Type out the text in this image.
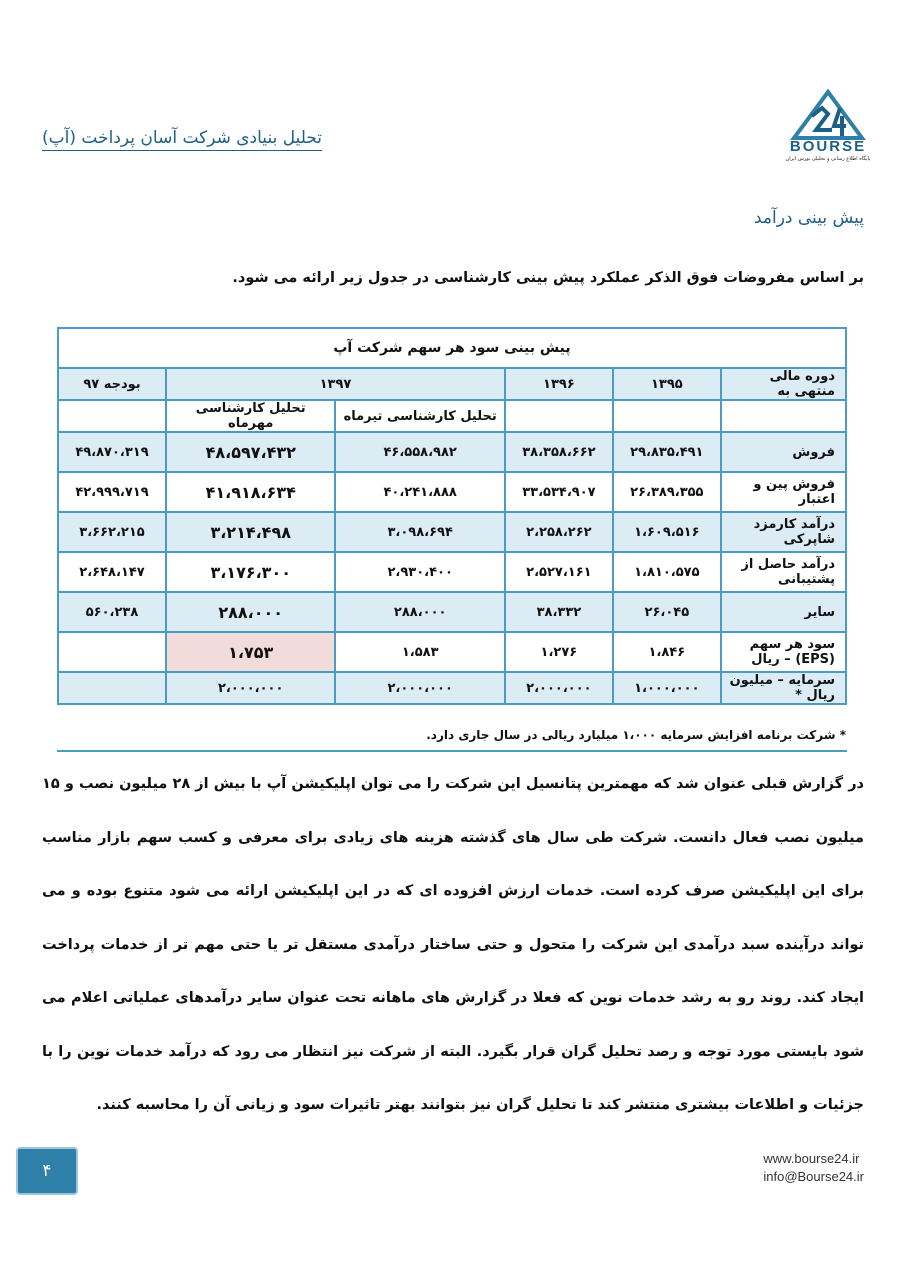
تحلیل بنیادی شرکت آسان پرداخت (آپ)	BOURSE
پایگاه اطلاع رسانی و تحلیلی بورس ایران
پیش بینی درآمد
بر اساس مفروضات فوق الذکر عملکرد پیش بینی کارشناسی در جدول زیر ارائه می شود.
پیش بینی سود هر سهم شرکت آپ					
دوره مالی منتهی به	۱۳۹۵	۱۳۹۶	۱۳۹۷		بودجه ۹۷
			تحلیل کارشناسی تیرماه	تحلیل کارشناسی مهرماه	
فروش	۲۹،۸۳۵،۴۹۱	۳۸،۳۵۸،۶۶۲	۴۶،۵۵۸،۹۸۲	۴۸،۵۹۷،۴۳۲	۴۹،۸۷۰،۳۱۹
فروش پین و اعتبار	۲۶،۳۸۹،۳۵۵	۳۳،۵۳۴،۹۰۷	۴۰،۲۴۱،۸۸۸	۴۱،۹۱۸،۶۳۴	۴۲،۹۹۹،۷۱۹
درآمد کارمزد شاپرکی	۱،۶۰۹،۵۱۶	۲،۲۵۸،۲۶۲	۳،۰۹۸،۶۹۴	۳،۲۱۴،۴۹۸	۳،۶۶۲،۲۱۵
درآمد حاصل از پشتیبانی	۱،۸۱۰،۵۷۵	۲،۵۲۷،۱۶۱	۲،۹۳۰،۴۰۰	۳،۱۷۶،۳۰۰	۲،۶۴۸،۱۴۷
سایر	۲۶،۰۴۵	۳۸،۳۳۲	۲۸۸،۰۰۰	۲۸۸،۰۰۰	۵۶۰،۲۳۸
سود هر سهم (EPS) – ریال	۱،۸۴۶	۱،۲۷۶	۱،۵۸۳	۱،۷۵۳	
سرمایه – میلیون ریال *	۱،۰۰۰،۰۰۰	۲،۰۰۰،۰۰۰	۲،۰۰۰،۰۰۰	۲،۰۰۰،۰۰۰	
* شرکت برنامه افزایش سرمایه ۱،۰۰۰ میلیارد ریالی در سال جاری دارد.
در گزارش قبلی عنوان شد که مهمترین پتانسیل این شرکت را می توان اپلیکیشن آپ با بیش از ۲۸ میلیون نصب و ۱۵ میلیون نصب فعال دانست. شرکت طی سال های گذشته هزینه های زیادی برای معرفی و کسب سهم بازار مناسب برای این اپلیکیشن صرف کرده است. خدمات ارزش افزوده ای که در این اپلیکیشن ارائه می شود متنوع بوده و می تواند درآینده سبد درآمدی این شرکت را متحول و حتی ساختار درآمدی مستقل تر یا حتی مهم تر از خدمات پرداخت ایجاد کند. روند رو به رشد خدمات نوین که فعلا در گزارش های ماهانه تحت عنوان سایر درآمدهای عملیاتی اعلام می شود بایستی مورد توجه و رصد تحلیل گران قرار بگیرد. البته از شرکت نیز انتظار می رود که درآمد خدمات نوین را با جزئیات و اطلاعات بیشتری منتشر کند تا تحلیل گران نیز بتوانند بهتر تاثیرات سود و زیانی آن را محاسبه کنند.
۴
www.bourse24.ir
info@Bourse24.ir
